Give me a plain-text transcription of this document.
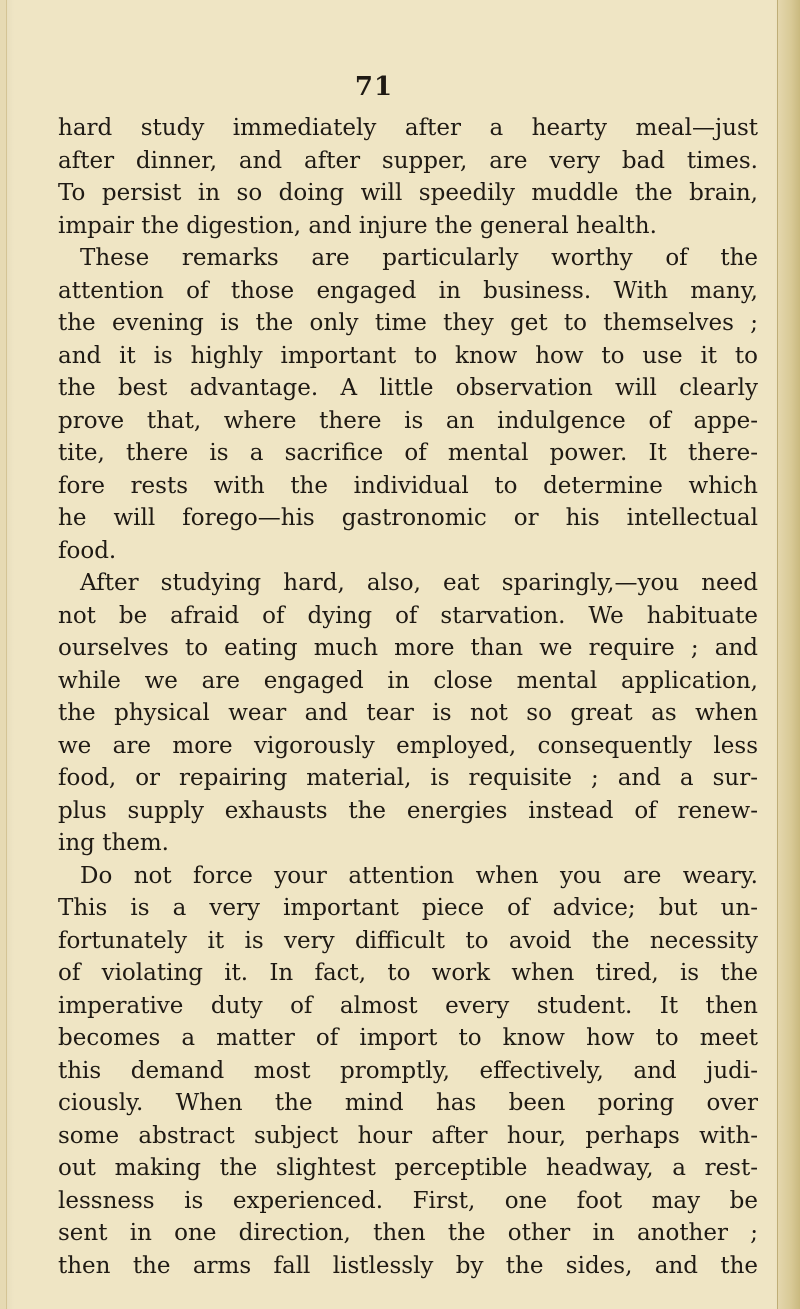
71
hard study immediately after a hearty meal—just
after dinner, and after supper, are very bad times.
To persist in so doing will speedily muddle the brain,
impair the digestion, and injure the general health.
These remarks are particularly worthy of the
attention of those engaged in business. With many,
the evening is the only time they get to themselves ;
and it is highly important to know how to use it to
the best advantage. A little observation will clearly
prove that, where there is an indulgence of appe-
tite, there is a sacrifice of mental power. It there-
fore rests with the individual to determine which
he will forego—his gastronomic or his intellectual
food.
After studying hard, also, eat sparingly,—you need
not be afraid of dying of starvation. We habituate
ourselves to eating much more than we require ; and
while we are engaged in close mental application,
the physical wear and tear is not so great as when
we are more vigorously employed, consequently less
food, or repairing material, is requisite ; and a sur-
plus supply exhausts the energies instead of renew-
ing them.
Do not force your attention when you are weary.
This is a very important piece of advice; but un-
fortunately it is very difficult to avoid the necessity
of violating it. In fact, to work when tired, is the
imperative duty of almost every student. It then
becomes a matter of import to know how to meet
this demand most promptly, effectively, and judi-
ciously. When the mind has been poring over
some abstract subject hour after hour, perhaps with-
out making the slightest perceptible headway, a rest-
lessness is experienced. First, one foot may be
sent in one direction, then the other in another ;
then the arms fall listlessly by the sides, and the
